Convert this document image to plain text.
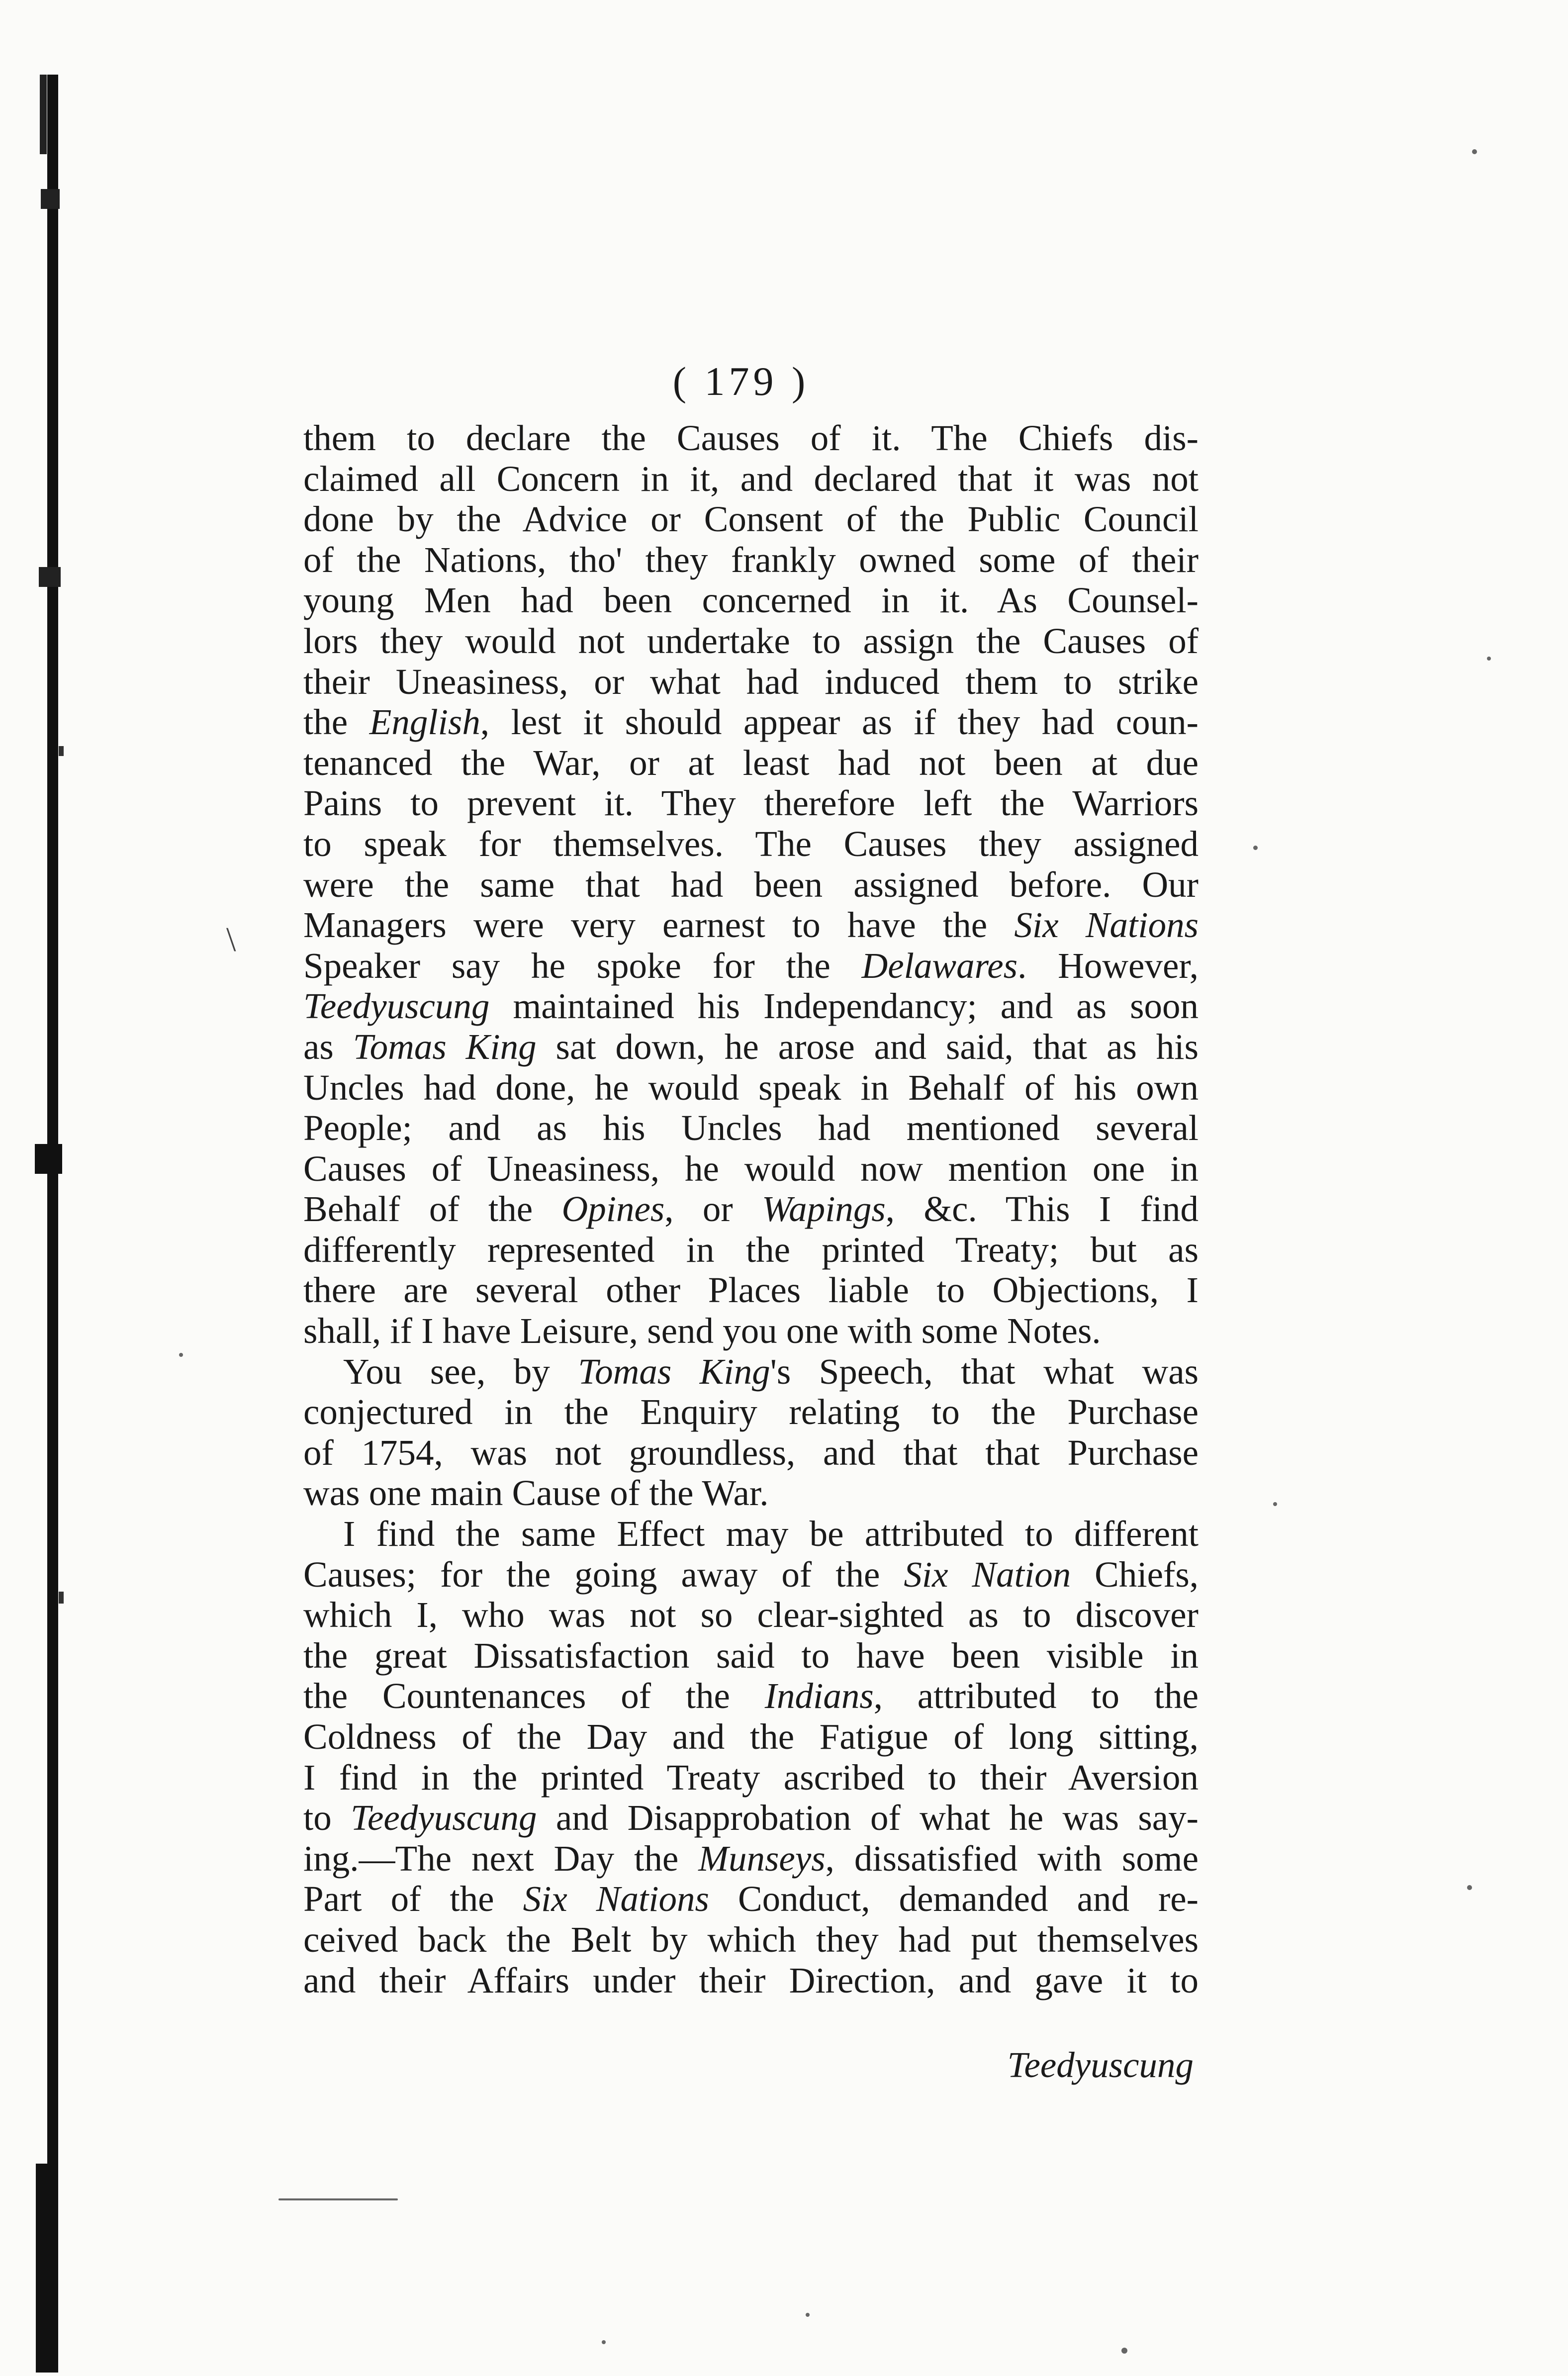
\
( 179 )
them to declare the Causes of it. The Chiefs dis-
claimed all Concern in it, and declared that it was not
done by the Advice or Consent of the Public Council
of the Nations, tho' they frankly owned some of their
young Men had been concerned in it. As Counsel-
lors they would not undertake to assign the Causes of
their Uneasiness, or what had induced them to strike
the English, lest it should appear as if they had coun-
tenanced the War, or at least had not been at due
Pains to prevent it. They therefore left the Warriors
to speak for themselves. The Causes they assigned
were the same that had been assigned before. Our
Managers were very earnest to have the Six Nations
Speaker say he spoke for the Delawares. However,
Teedyuscung maintained his Independancy; and as soon
as Tomas King sat down, he arose and said, that as his
Uncles had done, he would speak in Behalf of his own
People; and as his Uncles had mentioned several
Causes of Uneasiness, he would now mention one in
Behalf of the Opines, or Wapings, &c. This I find
differently represented in the printed Treaty; but as
there are several other Places liable to Objections, I
shall, if I have Leisure, send you one with some Notes.
You see, by Tomas King's Speech, that what was
conjectured in the Enquiry relating to the Purchase
of 1754, was not groundless, and that that Purchase
was one main Cause of the War.
I find the same Effect may be attributed to different
Causes; for the going away of the Six Nation Chiefs,
which I, who was not so clear-sighted as to discover
the great Dissatisfaction said to have been visible in
the Countenances of the Indians, attributed to the
Coldness of the Day and the Fatigue of long sitting,
I find in the printed Treaty ascribed to their Aversion
to Teedyuscung and Disapprobation of what he was say-
ing.—The next Day the Munseys, dissatisfied with some
Part of the Six Nations Conduct, demanded and re-
ceived back the Belt by which they had put themselves
and their Affairs under their Direction, and gave it to
Teedyuscung
